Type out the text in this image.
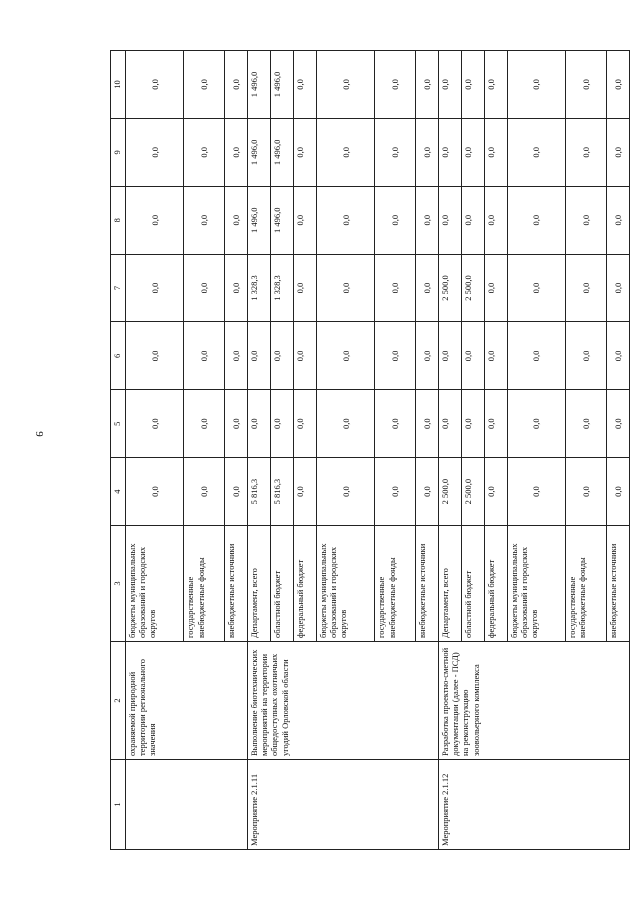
9
1	2	3	4	5	6	7	8	9	10
	охраняемой природной территории регионального значения	бюджеты муниципальных образований и городских округов	0,0	0,0	0,0	0,0	0,0	0,0	0,0
		государственные внебюджетные фонды	0,0	0,0	0,0	0,0	0,0	0,0	0,0
		внебюджетные источники	0,0	0,0	0,0	0,0	0,0	0,0	0,0
Мероприятие 2.1.11	Выполнение биотехнических мероприятий на территории общедоступных охотничьих угодий Орловской области	Департамент, всего	5 816,3	0,0	0,0	1 328,3	1 496,0	1 496,0	1 496,0
		областной бюджет	5 816,3	0,0	0,0	1 328,3	1 496,0	1 496,0	1 496,0
		федеральный бюджет	0,0	0,0	0,0	0,0	0,0	0,0	0,0
		бюджеты муниципальных образований и городских округов	0,0	0,0	0,0	0,0	0,0	0,0	0,0
		государственные внебюджетные фонды	0,0	0,0	0,0	0,0	0,0	0,0	0,0
		внебюджетные источники	0,0	0,0	0,0	0,0	0,0	0,0	0,0
Мероприятие 2.1.12	Разработка проектно-сметной документации (далее - ПСД) на реконструкцию зоовольерного комплекса	Департамент, всего	2 500,0	0,0	0,0	2 500,0	0,0	0,0	0,0
		областной бюджет	2 500,0	0,0	0,0	2 500,0	0,0	0,0	0,0
		федеральный бюджет	0,0	0,0	0,0	0,0	0,0	0,0	0,0
		бюджеты муниципальных образований и городских округов	0,0	0,0	0,0	0,0	0,0	0,0	0,0
		государственные внебюджетные фонды	0,0	0,0	0,0	0,0	0,0	0,0	0,0
		внебюджетные источники	0,0	0,0	0,0	0,0	0,0	0,0	0,0
